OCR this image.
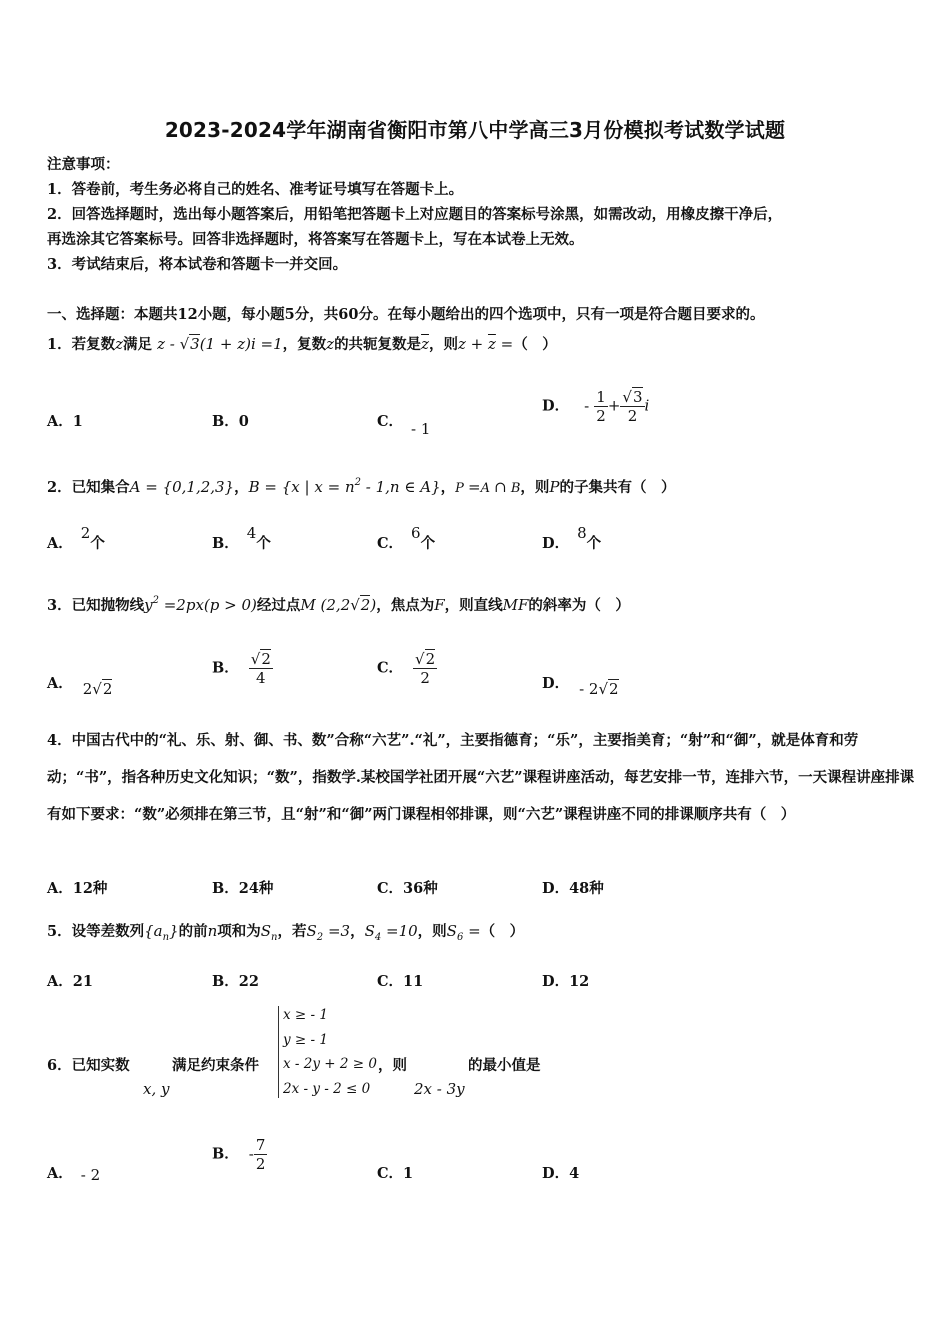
2023-2024学年湖南省衡阳市第八中学高三3月份模拟考试数学试题
注意事项：
1．答卷前，考生务必将自己的姓名、准考证号填写在答题卡上。
2．回答选择题时，选出每小题答案后，用铅笔把答题卡上对应题目的答案标号涂黑，如需改动，用橡皮擦干净后，
再选涂其它答案标号。回答非选择题时，将答案写在答题卡上，写在本试卷上无效。
3．考试结束后，将本试卷和答题卡一并交回。
一、选择题：本题共12小题，每小题5分，共60分。在每小题给出的四个选项中，只有一项是符合题目要求的。
1．若复数z满足 z - √3(1 + z)i =1，复数z的共轭复数是$\overline{z}$，则$z + \overline{z}$ =（　）
A．1	B．0	C． - 1
D． - $\frac{1}{2} + \frac{√3}{2}$ i
2．已知集合A = {0,1,2,3}，B = {x | $x = n^2 - 1,n$ ∈ A}，P =A ∩ B，则P的子集共有（　）
A．2个	B．4个	C．6个	D．8个
3．已知抛物线$y^2 =2px(p > 0)$经过点M (2,2√2)，焦点为F，则直线MF的斜率为（　）
A． 2√2
B． $\frac{√2}{4}$	C． $\frac{√2}{2}$	D． - 2√2
4．中国古代中的“礼、乐、射、御、书、数”合称“六艺”.“礼”，主要指德育；“乐”，主要指美育；“射”和“御”，就是体育和劳动；“书”，指各种历史文化知识；“数”，指数学.某校国学社团开展“六艺”课程讲座活动，每艺安排一节，连排六节，一天课程讲座排课有如下要求：“数”必须排在第三节，且“射”和“御”两门课程相邻排课，则“六艺”课程讲座不同的排课顺序共有（　）
A．12种	B．24种	C．36种	D．48种
5．设等差数列$\{a_n\}$的前n项和为$S_n$，若$S_2 =3$，$S_4 =10$，则$S_6$ =（　）
A．21	B．22	C．11	D．12
6．已知实数	满足约束条件	，则	的最小值是
x, y	2x - 3y
x ≥ - 1
y ≥ - 1
x - 2y + 2 ≥ 0
2x - y - 2 ≤ 0
A． - 2
B． - $\frac{7}{2}$
C．1	D．4
